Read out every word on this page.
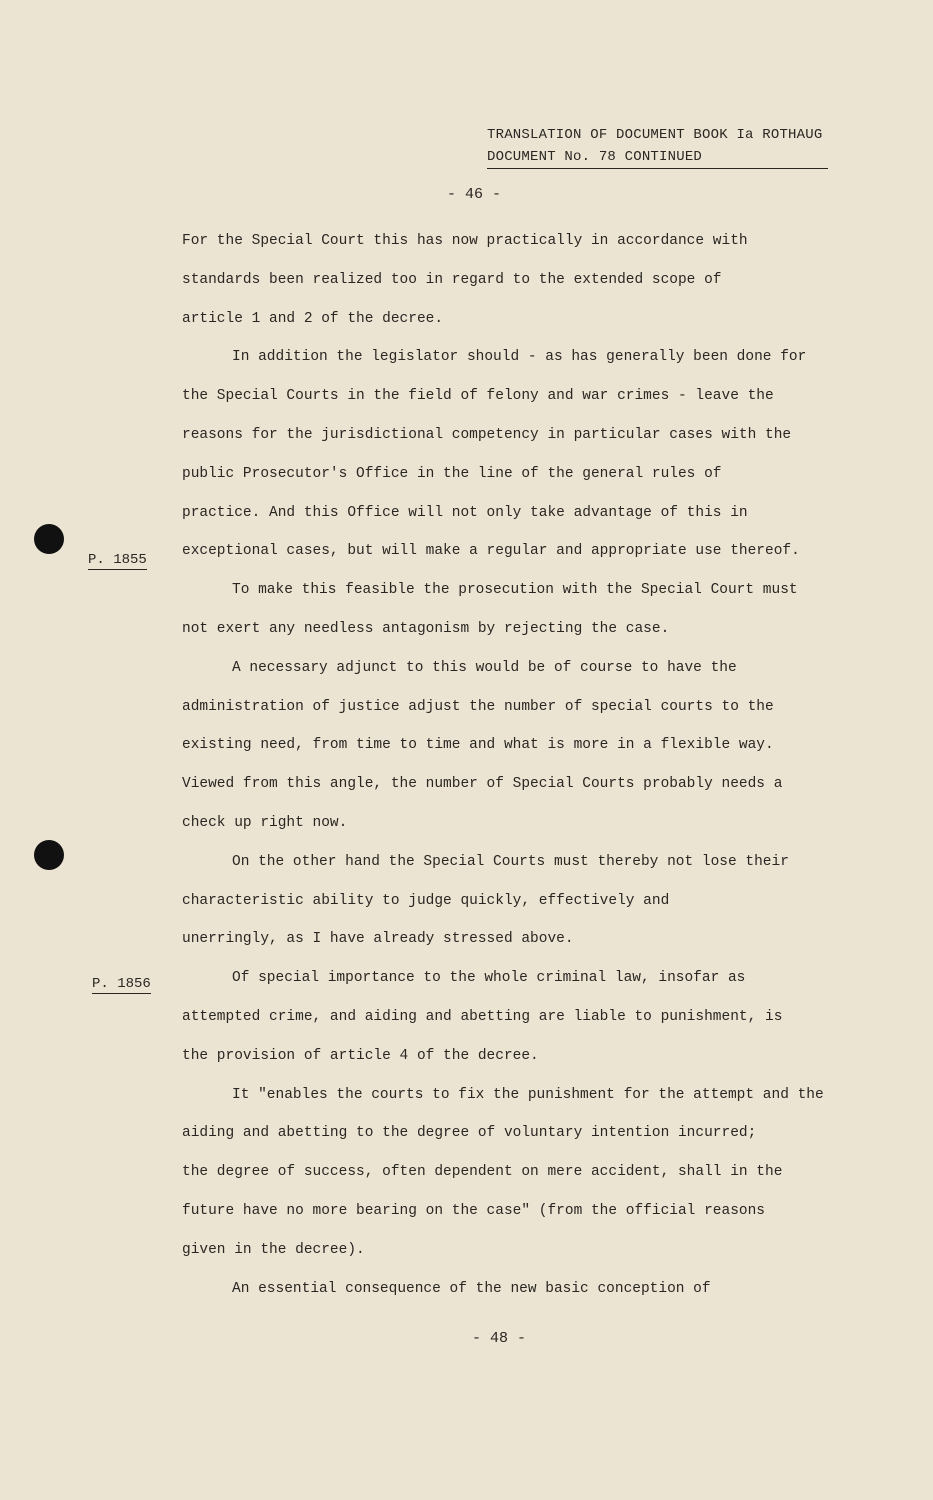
TRANSLATION OF DOCUMENT BOOK Ia ROTHAUG
DOCUMENT No. 78 CONTINUED
- 46 -
P. 1855
P. 1856
For the Special Court this has now practically in accordance with
standards been realized too in regard to the extended scope of
article 1 and 2 of the decree.
In addition the legislator should - as has generally been done for
the Special Courts in the field of felony and war crimes - leave the
reasons for the jurisdictional competency in particular cases with the
public Prosecutor's Office in the line of the general rules of
practice. And this Office will not only take advantage of this in
exceptional cases, but will make a regular and appropriate use thereof.
To make this feasible the prosecution with the Special Court must
not exert any needless antagonism by rejecting the case.
A necessary adjunct to this would be of course to have the
administration of justice adjust the number of special courts to the
existing need, from time to time and what is more in a flexible way.
Viewed from this angle, the number of Special Courts probably needs a
check up right now.
On the other hand the Special Courts must thereby not lose their
characteristic ability to judge quickly, effectively and
unerringly, as I have already stressed above.
Of special importance to the whole criminal law, insofar as
attempted crime, and aiding and abetting are liable to punishment, is
the provision of article 4 of the decree.
It "enables the courts to fix the punishment for the attempt and the
aiding and abetting to the degree of voluntary intention incurred;
the degree of success, often dependent on mere accident, shall in the
future have no more bearing on the case" (from the official reasons
given in the decree).
An essential consequence of the new basic conception of
- 48 -
